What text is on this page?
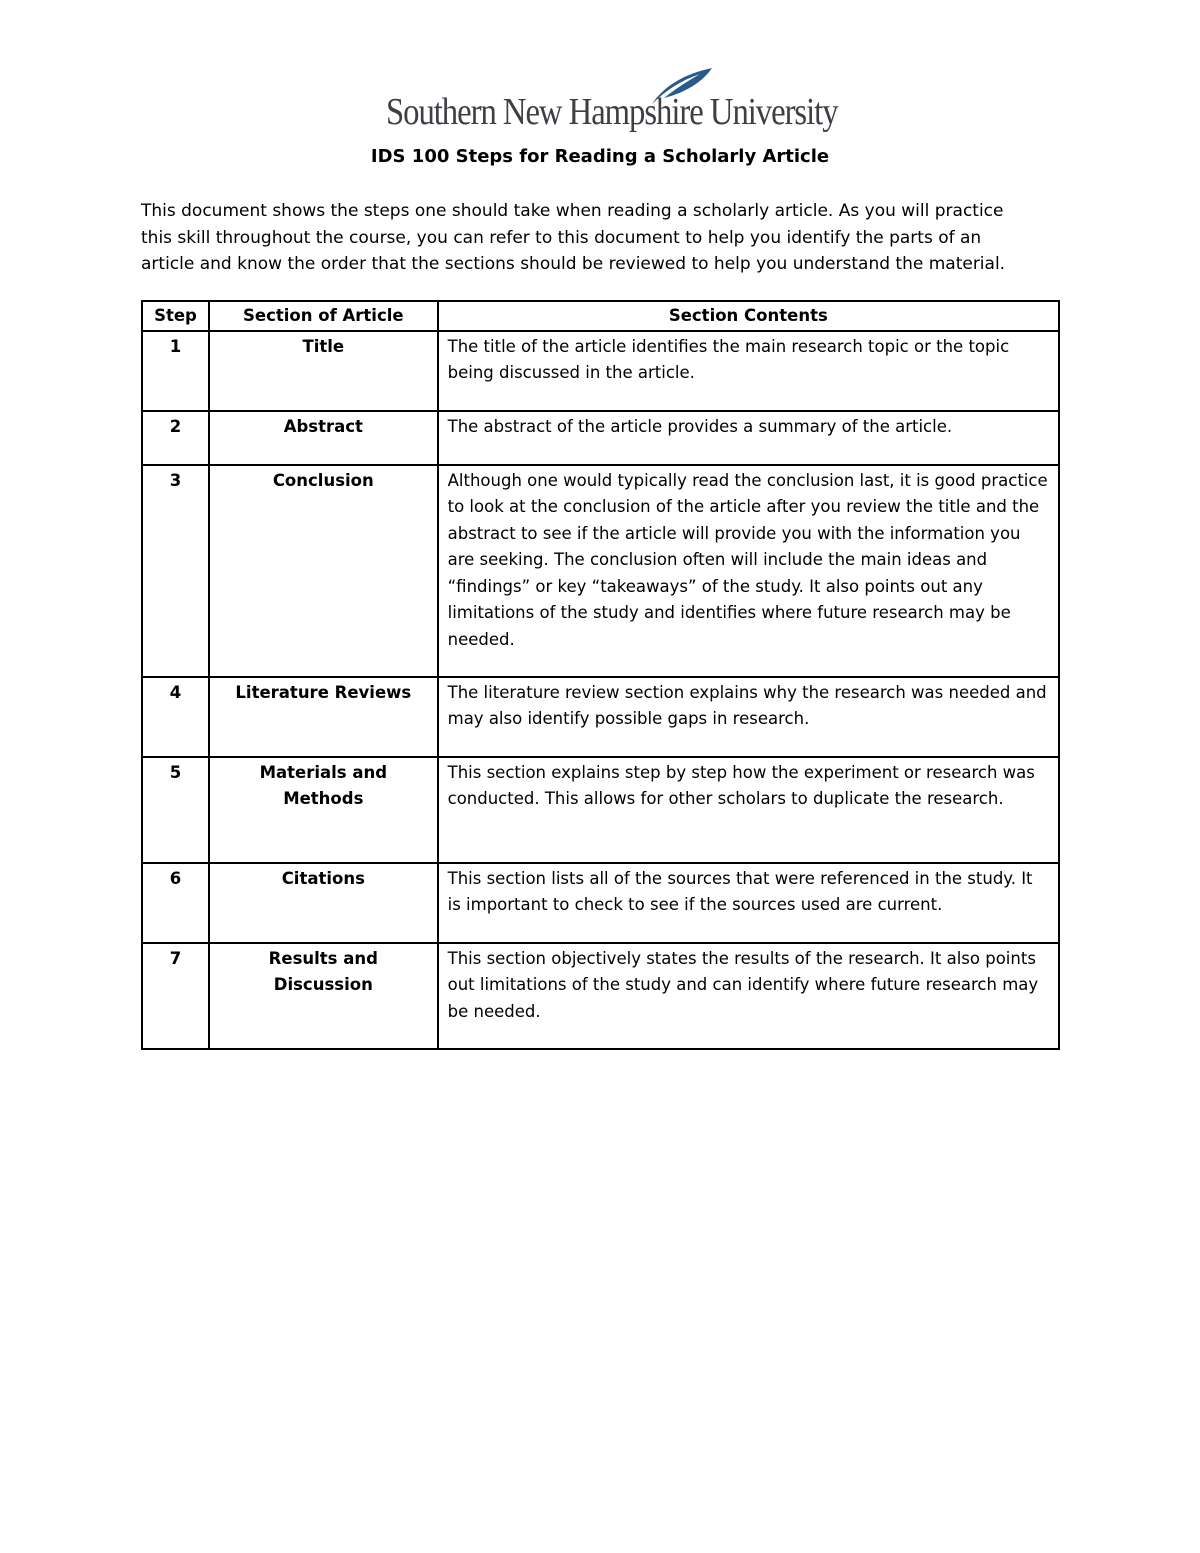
Southern New Hampshire University
IDS 100 Steps for Reading a Scholarly Article
This document shows the steps one should take when reading a scholarly article. As you will practice
this skill throughout the course, you can refer to this document to help you identify the parts of an
article and know the order that the sections should be reviewed to help you understand the material.
Step	Section of Article	Section Contents
1	Title	The title of the article identifies the main research topic or the topic being discussed in the article.
2	Abstract	The abstract of the article provides a summary of the article.
3	Conclusion	Although one would typically read the conclusion last, it is good practice to look at the conclusion of the article after you review the title and the abstract to see if the article will provide you with the information you are seeking. The conclusion often will include the main ideas and “findings” or key “takeaways” of the study. It also points out any limitations of the study and identifies where future research may be needed.
4	Literature Reviews	The literature review section explains why the research was needed and may also identify possible gaps in research.
5	Materials and Methods	This section explains step by step how the experiment or research was conducted. This allows for other scholars to duplicate the research.
6	Citations	This section lists all of the sources that were referenced in the study. It is important to check to see if the sources used are current.
7	Results and Discussion	This section objectively states the results of the research. It also points out limitations of the study and can identify where future research may be needed.
